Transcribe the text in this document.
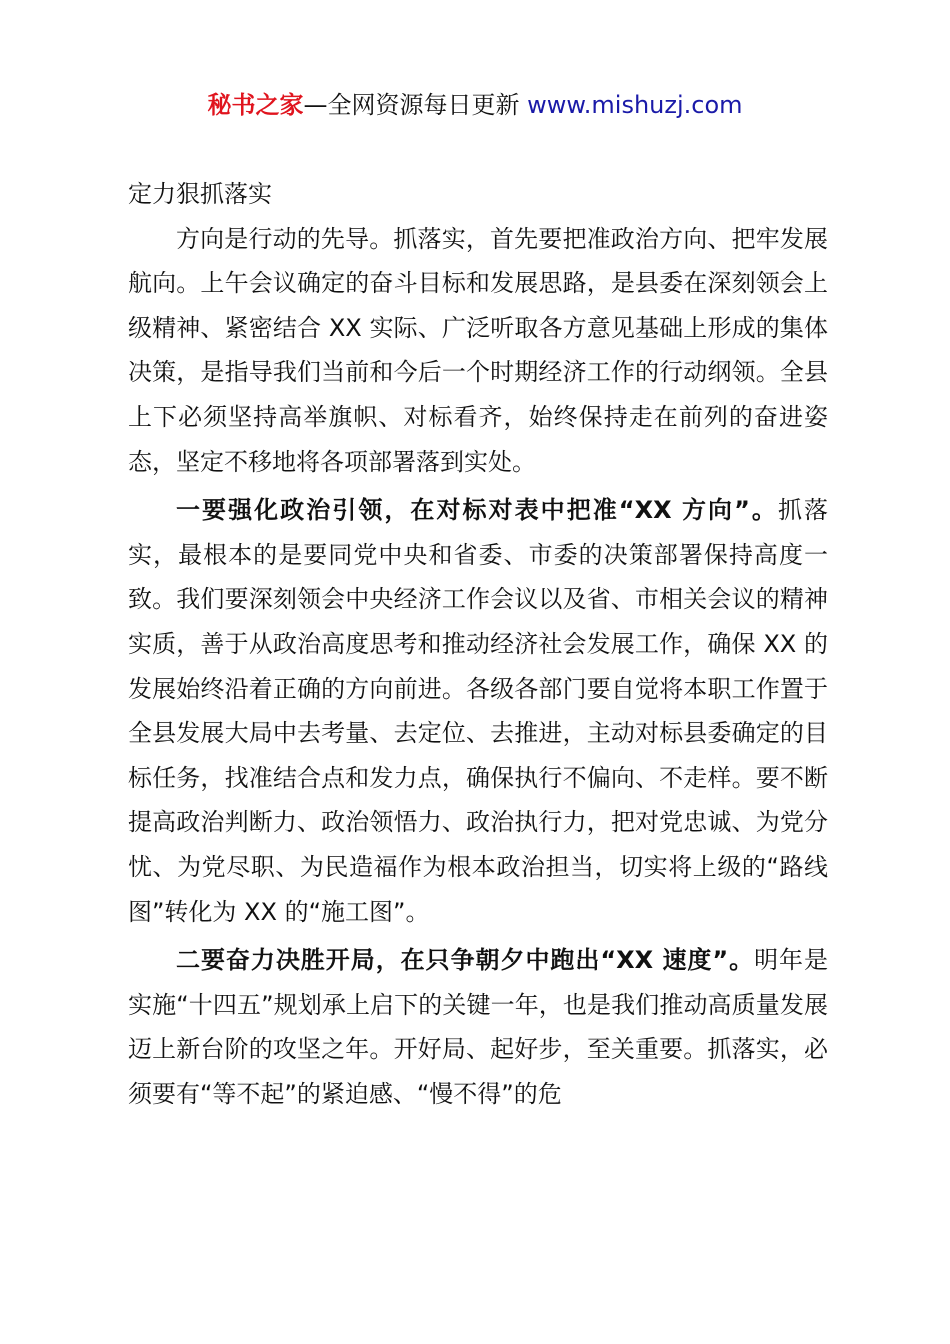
秘书之家—全网资源每日更新 www.mishuzj.com

定力狠抓落实

方向是行动的先导。抓落实，首先要把准政治方向、把牢发展航向。上午会议确定的奋斗目标和发展思路，是县委在深刻领会上级精神、紧密结合 XX 实际、广泛听取各方意见基础上形成的集体决策，是指导我们当前和今后一个时期经济工作的行动纲领。全县上下必须坚持高举旗帜、对标看齐，始终保持走在前列的奋进姿态，坚定不移地将各项部署落到实处。

一要强化政治引领，在对标对表中把准“XX 方向”。抓落实，最根本的是要同党中央和省委、市委的决策部署保持高度一致。我们要深刻领会中央经济工作会议以及省、市相关会议的精神实质，善于从政治高度思考和推动经济社会发展工作，确保 XX 的发展始终沿着正确的方向前进。各级各部门要自觉将本职工作置于全县发展大局中去考量、去定位、去推进，主动对标县委确定的目标任务，找准结合点和发力点，确保执行不偏向、不走样。要不断提高政治判断力、政治领悟力、政治执行力，把对党忠诚、为党分忧、为党尽职、为民造福作为根本政治担当，切实将上级的“路线图”转化为 XX 的“施工图”。

二要奋力决胜开局，在只争朝夕中跑出“XX 速度”。明年是实施“十四五”规划承上启下的关键一年，也是我们推动高质量发展迈上新台阶的攻坚之年。开好局、起好步，至关重要。抓落实，必须要有“等不起”的紧迫感、“慢不得”的危
